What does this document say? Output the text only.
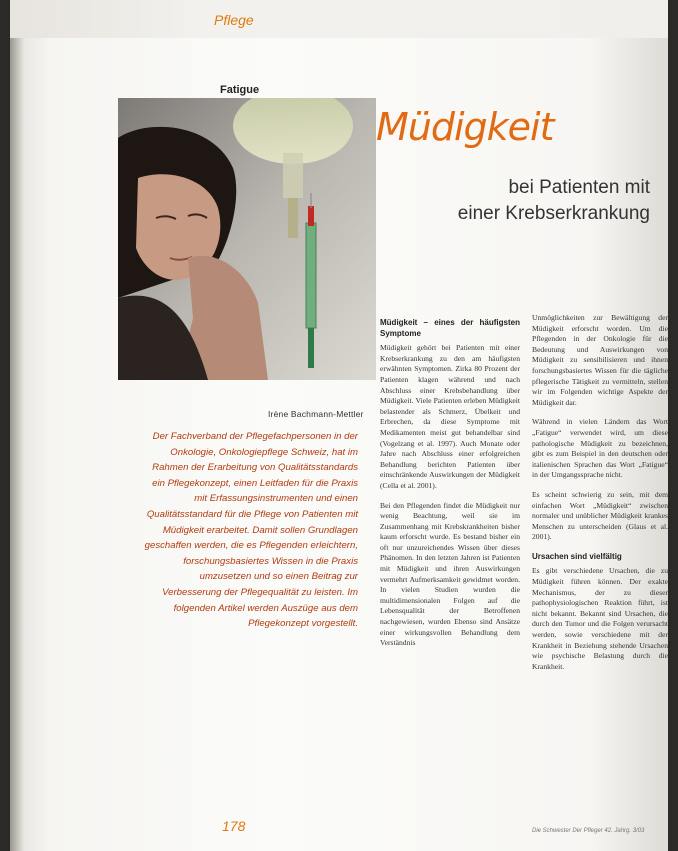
Pflege
Fatigue
Müdigkeit
bei Patienten mit
einer Krebserkrankung
Irène Bachmann-Mettler

Der Fachverband der Pflegefachpersonen in der Onkologie, Onkologiepflege Schweiz, hat im Rahmen der Erarbeitung von Qualitätsstandards ein Pflegekonzept, einen Leitfaden für die Praxis mit Erfassungsinstrumenten und einen Qualitätsstandard für die Pflege von Patienten mit Müdigkeit erarbeitet. Damit sollen Grundlagen geschaffen werden, die es Pflegenden erleichtern, forschungsbasiertes Wissen in die Praxis umzusetzen und so einen Beitrag zur Verbesserung der Pflegequalität zu leisten. Im folgenden Artikel werden Auszüge aus dem Pflegekonzept vorgestellt.

Müdigkeit – eines der häufigsten Symptome

Müdigkeit gehört bei Patienten mit einer Krebserkrankung zu den am häufigsten erwähnten Symptomen. Zirka 80 Prozent der Patienten klagen während und nach Abschluss einer Krebsbehandlung über Müdigkeit. Viele Patienten erleben Müdigkeit belastender als Schmerz, Übelkeit und Erbrechen, da diese Symptome mit Medikamenten meist gut behandelbar sind (Vogelzang et al. 1997). Auch Monate oder Jahre nach Abschluss einer erfolgreichen Behandlung berichten Patienten über einschränkende Auswirkungen der Müdigkeit (Cella et al. 2001).

Bei den Pflegenden findet die Müdigkeit nur wenig Beachtung, weil sie im Zusammenhang mit Krebskrankheiten bisher kaum erforscht wurde. Es bestand bisher ein oft nur unzureichendes Wissen über dieses Phänomen. In den letzten Jahren ist Patienten mit Müdigkeit und ihren Auswirkungen vermehrt Aufmerksamkeit gewidmet worden. In vielen Studien wurden die multidimensionalen Folgen auf die Lebensqualität der Betroffenen nachgewiesen, wurden Ebenso sind Ansätze einer wirkungsvollen Behandlung dem Verständnis

Unmöglichkeiten zur Bewältigung der Müdigkeit erforscht worden. Um die Pflegenden in der Onkologie für die Bedeutung und Auswirkungen von Müdigkeit zu sensibilisieren und ihnen forschungsbasiertes Wissen für die tägliche pflegerische Tätigkeit zu vermitteln, stellen wir im Folgenden wichtige Aspekte der Müdigkeit dar.

Während in vielen Ländern das Wort „Fatigue“ verwendet wird, um diese pathologische Müdigkeit zu bezeichnen, gibt es zum Beispiel in den deutschen oder italienischen Sprachen das Wort „Fatigue“ in der Umgangssprache nicht.

Es scheint schwierig zu sein, mit dem einfachen Wort „Müdigkeit“ zwischen normaler und unüblicher Müdigkeit krankes Menschen zu unterscheiden (Glaus et al. 2001).

Ursachen sind vielfältig

Es gibt verschiedene Ursachen, die zu Müdigkeit führen können. Der exakte Mechanismus, der zu dieser pathophysiologischen Reaktion führt, ist nicht bekannt. Bekannt sind Ursachen, die durch den Tumor und die Folgen verursacht werden, sowie verschiedene mit der Krankheit in Beziehung stehende Ursachen wie psychische Belastung durch die Krankheit.

178	Die Schwester Der Pfleger 42. Jahrg. 3/03
